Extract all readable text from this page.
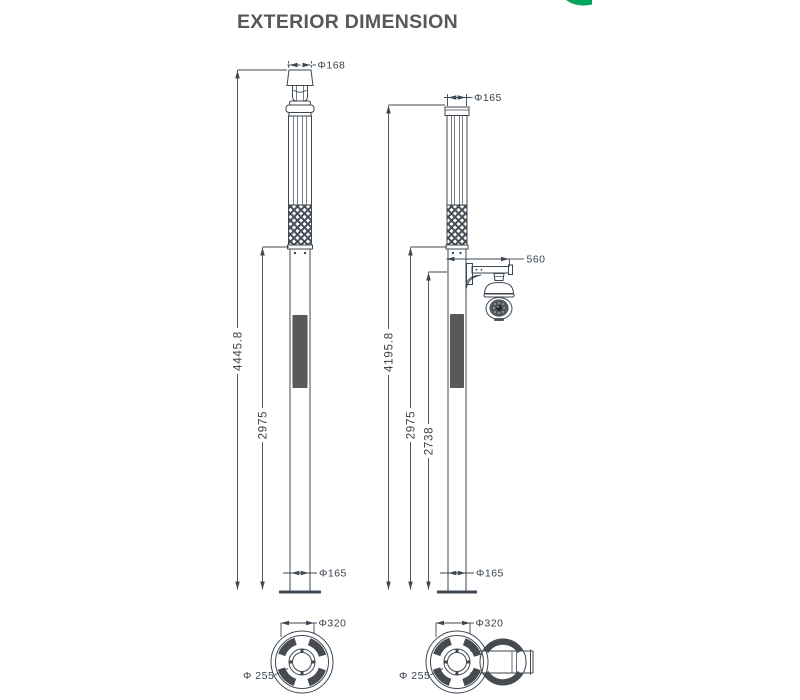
EXTERIOR DIMENSION
4445.8
2975
Φ168
Φ165
Φ165
4195.8
2975
2738
560
Φ165
Φ320
Φ 255
Φ320
Φ 255
